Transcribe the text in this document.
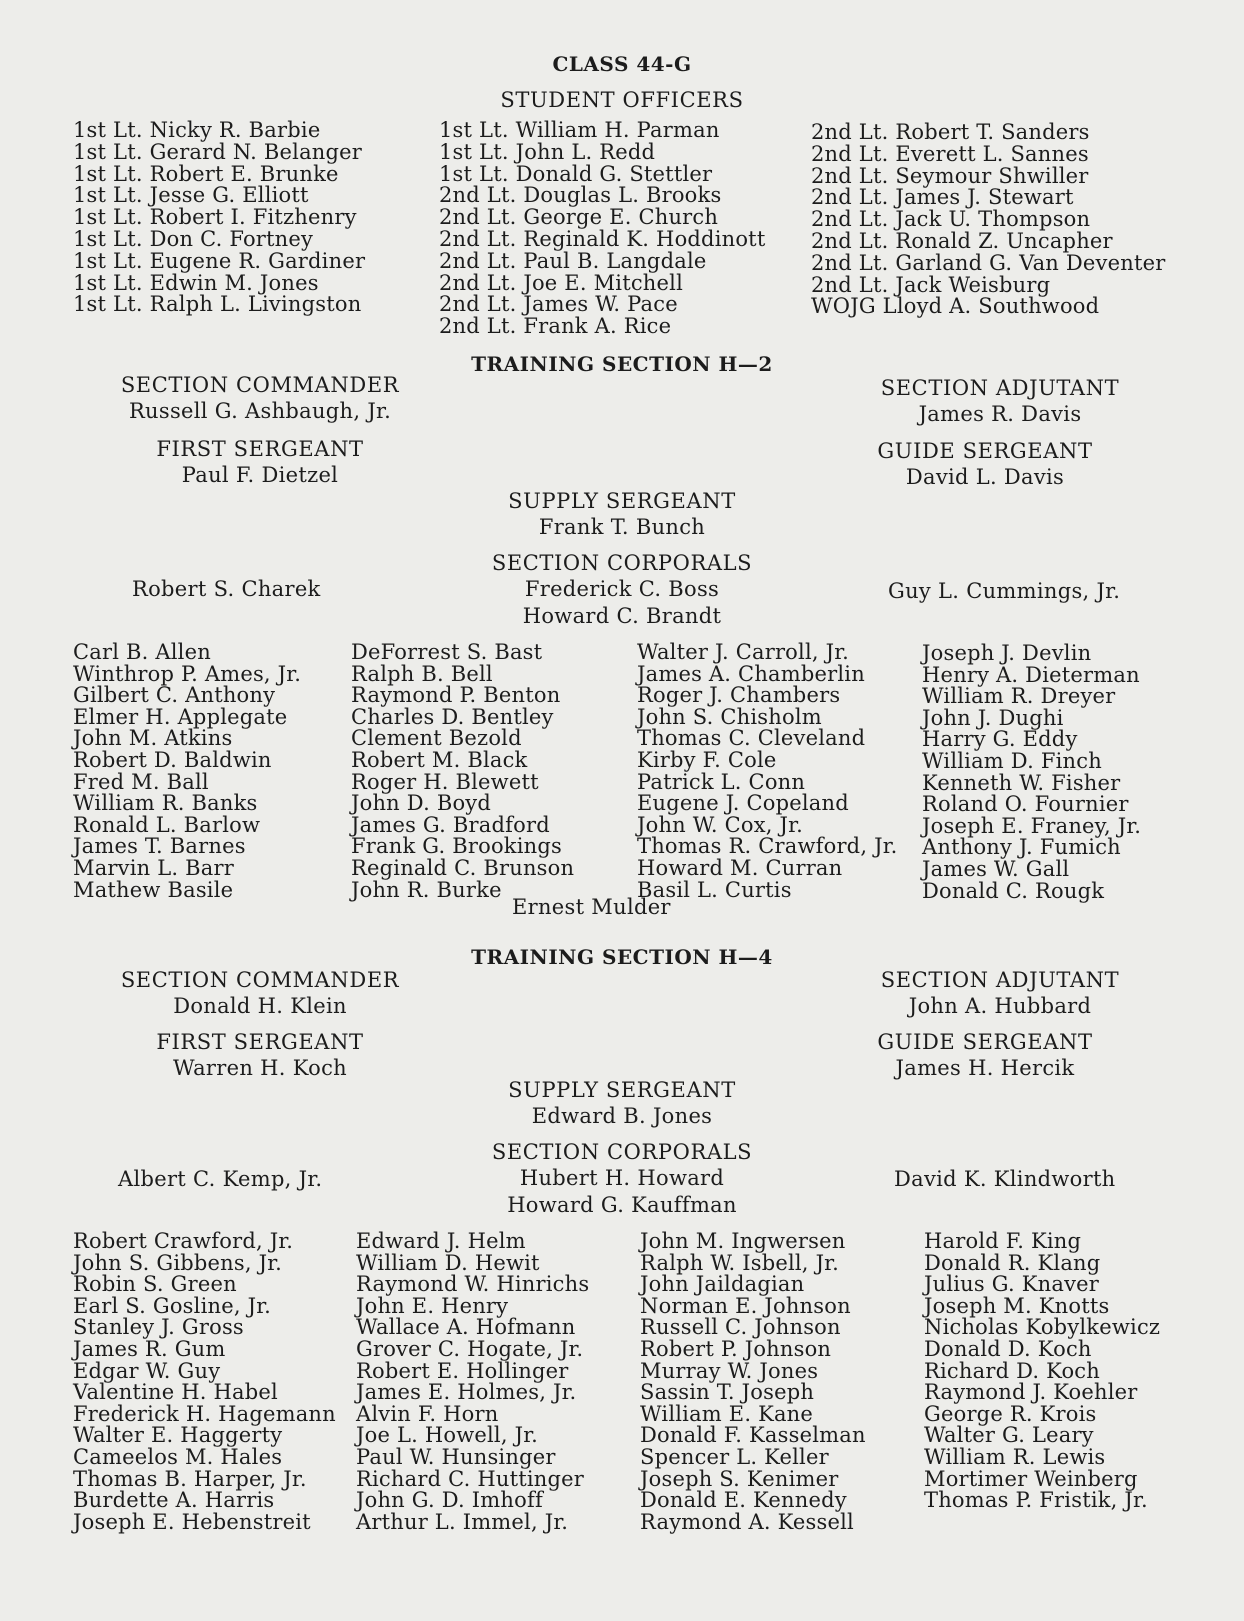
CLASS 44-G
STUDENT OFFICERS
1st Lt. Nicky R. Barbie
1st Lt. Gerard N. Belanger
1st Lt. Robert E. Brunke
1st Lt. Jesse G. Elliott
1st Lt. Robert I. Fitzhenry
1st Lt. Don C. Fortney
1st Lt. Eugene R. Gardiner
1st Lt. Edwin M. Jones
1st Lt. Ralph L. Livingston
1st Lt. William H. Parman
1st Lt. John L. Redd
1st Lt. Donald G. Stettler
2nd Lt. Douglas L. Brooks
2nd Lt. George E. Church
2nd Lt. Reginald K. Hoddinott
2nd Lt. Paul B. Langdale
2nd Lt. Joe E. Mitchell
2nd Lt. James W. Pace
2nd Lt. Frank A. Rice
2nd Lt. Robert T. Sanders
2nd Lt. Everett L. Sannes
2nd Lt. Seymour Shwiller
2nd Lt. James J. Stewart
2nd Lt. Jack U. Thompson
2nd Lt. Ronald Z. Uncapher
2nd Lt. Garland G. Van Deventer
2nd Lt. Jack Weisburg
WOJG Lloyd A. Southwood
TRAINING SECTION H—2
SECTION COMMANDER
Russell G. Ashbaugh, Jr.
SECTION ADJUTANT
James R. Davis
FIRST SERGEANT
Paul F. Dietzel
GUIDE SERGEANT
David L. Davis
SUPPLY SERGEANT
Frank T. Bunch
SECTION CORPORALS
Frederick C. Boss
Howard C. Brandt
Robert S. Charek	Guy L. Cummings, Jr.
Carl B. Allen
Winthrop P. Ames, Jr.
Gilbert C. Anthony
Elmer H. Applegate
John M. Atkins
Robert D. Baldwin
Fred M. Ball
William R. Banks
Ronald L. Barlow
James T. Barnes
Marvin L. Barr
Mathew Basile
DeForrest S. Bast
Ralph B. Bell
Raymond P. Benton
Charles D. Bentley
Clement Bezold
Robert M. Black
Roger H. Blewett
John D. Boyd
James G. Bradford
Frank G. Brookings
Reginald C. Brunson
John R. Burke
Walter J. Carroll, Jr.
James A. Chamberlin
Roger J. Chambers
John S. Chisholm
Thomas C. Cleveland
Kirby F. Cole
Patrick L. Conn
Eugene J. Copeland
John W. Cox, Jr.
Thomas R. Crawford, Jr.
Howard M. Curran
Basil L. Curtis
Joseph J. Devlin
Henry A. Dieterman
William R. Dreyer
John J. Dughi
Harry G. Eddy
William D. Finch
Kenneth W. Fisher
Roland O. Fournier
Joseph E. Franey, Jr.
Anthony J. Fumich
James W. Gall
Donald C. Rougk
Ernest Mulder
TRAINING SECTION H—4
SECTION COMMANDER
Donald H. Klein
SECTION ADJUTANT
John A. Hubbard
FIRST SERGEANT
Warren H. Koch
GUIDE SERGEANT
James H. Hercik
SUPPLY SERGEANT
Edward B. Jones
SECTION CORPORALS
Hubert H. Howard
Howard G. Kauffman
Albert C. Kemp, Jr.	David K. Klindworth
Robert Crawford, Jr.
John S. Gibbens, Jr.
Robin S. Green
Earl S. Gosline, Jr.
Stanley J. Gross
James R. Gum
Edgar W. Guy
Valentine H. Habel
Frederick H. Hagemann
Walter E. Haggerty
Cameelos M. Hales
Thomas B. Harper, Jr.
Burdette A. Harris
Joseph E. Hebenstreit
Edward J. Helm
William D. Hewit
Raymond W. Hinrichs
John E. Henry
Wallace A. Hofmann
Grover C. Hogate, Jr.
Robert E. Hollinger
James E. Holmes, Jr.
Alvin F. Horn
Joe L. Howell, Jr.
Paul W. Hunsinger
Richard C. Huttinger
John G. D. Imhoff
Arthur L. Immel, Jr.
John M. Ingwersen
Ralph W. Isbell, Jr.
John Jaildagian
Norman E. Johnson
Russell C. Johnson
Robert P. Johnson
Murray W. Jones
Sassin T. Joseph
William E. Kane
Donald F. Kasselman
Spencer L. Keller
Joseph S. Kenimer
Donald E. Kennedy
Raymond A. Kessell
Harold F. King
Donald R. Klang
Julius G. Knaver
Joseph M. Knotts
Nicholas Kobylkewicz
Donald D. Koch
Richard D. Koch
Raymond J. Koehler
George R. Krois
Walter G. Leary
William R. Lewis
Mortimer Weinberg
Thomas P. Fristik, Jr.
